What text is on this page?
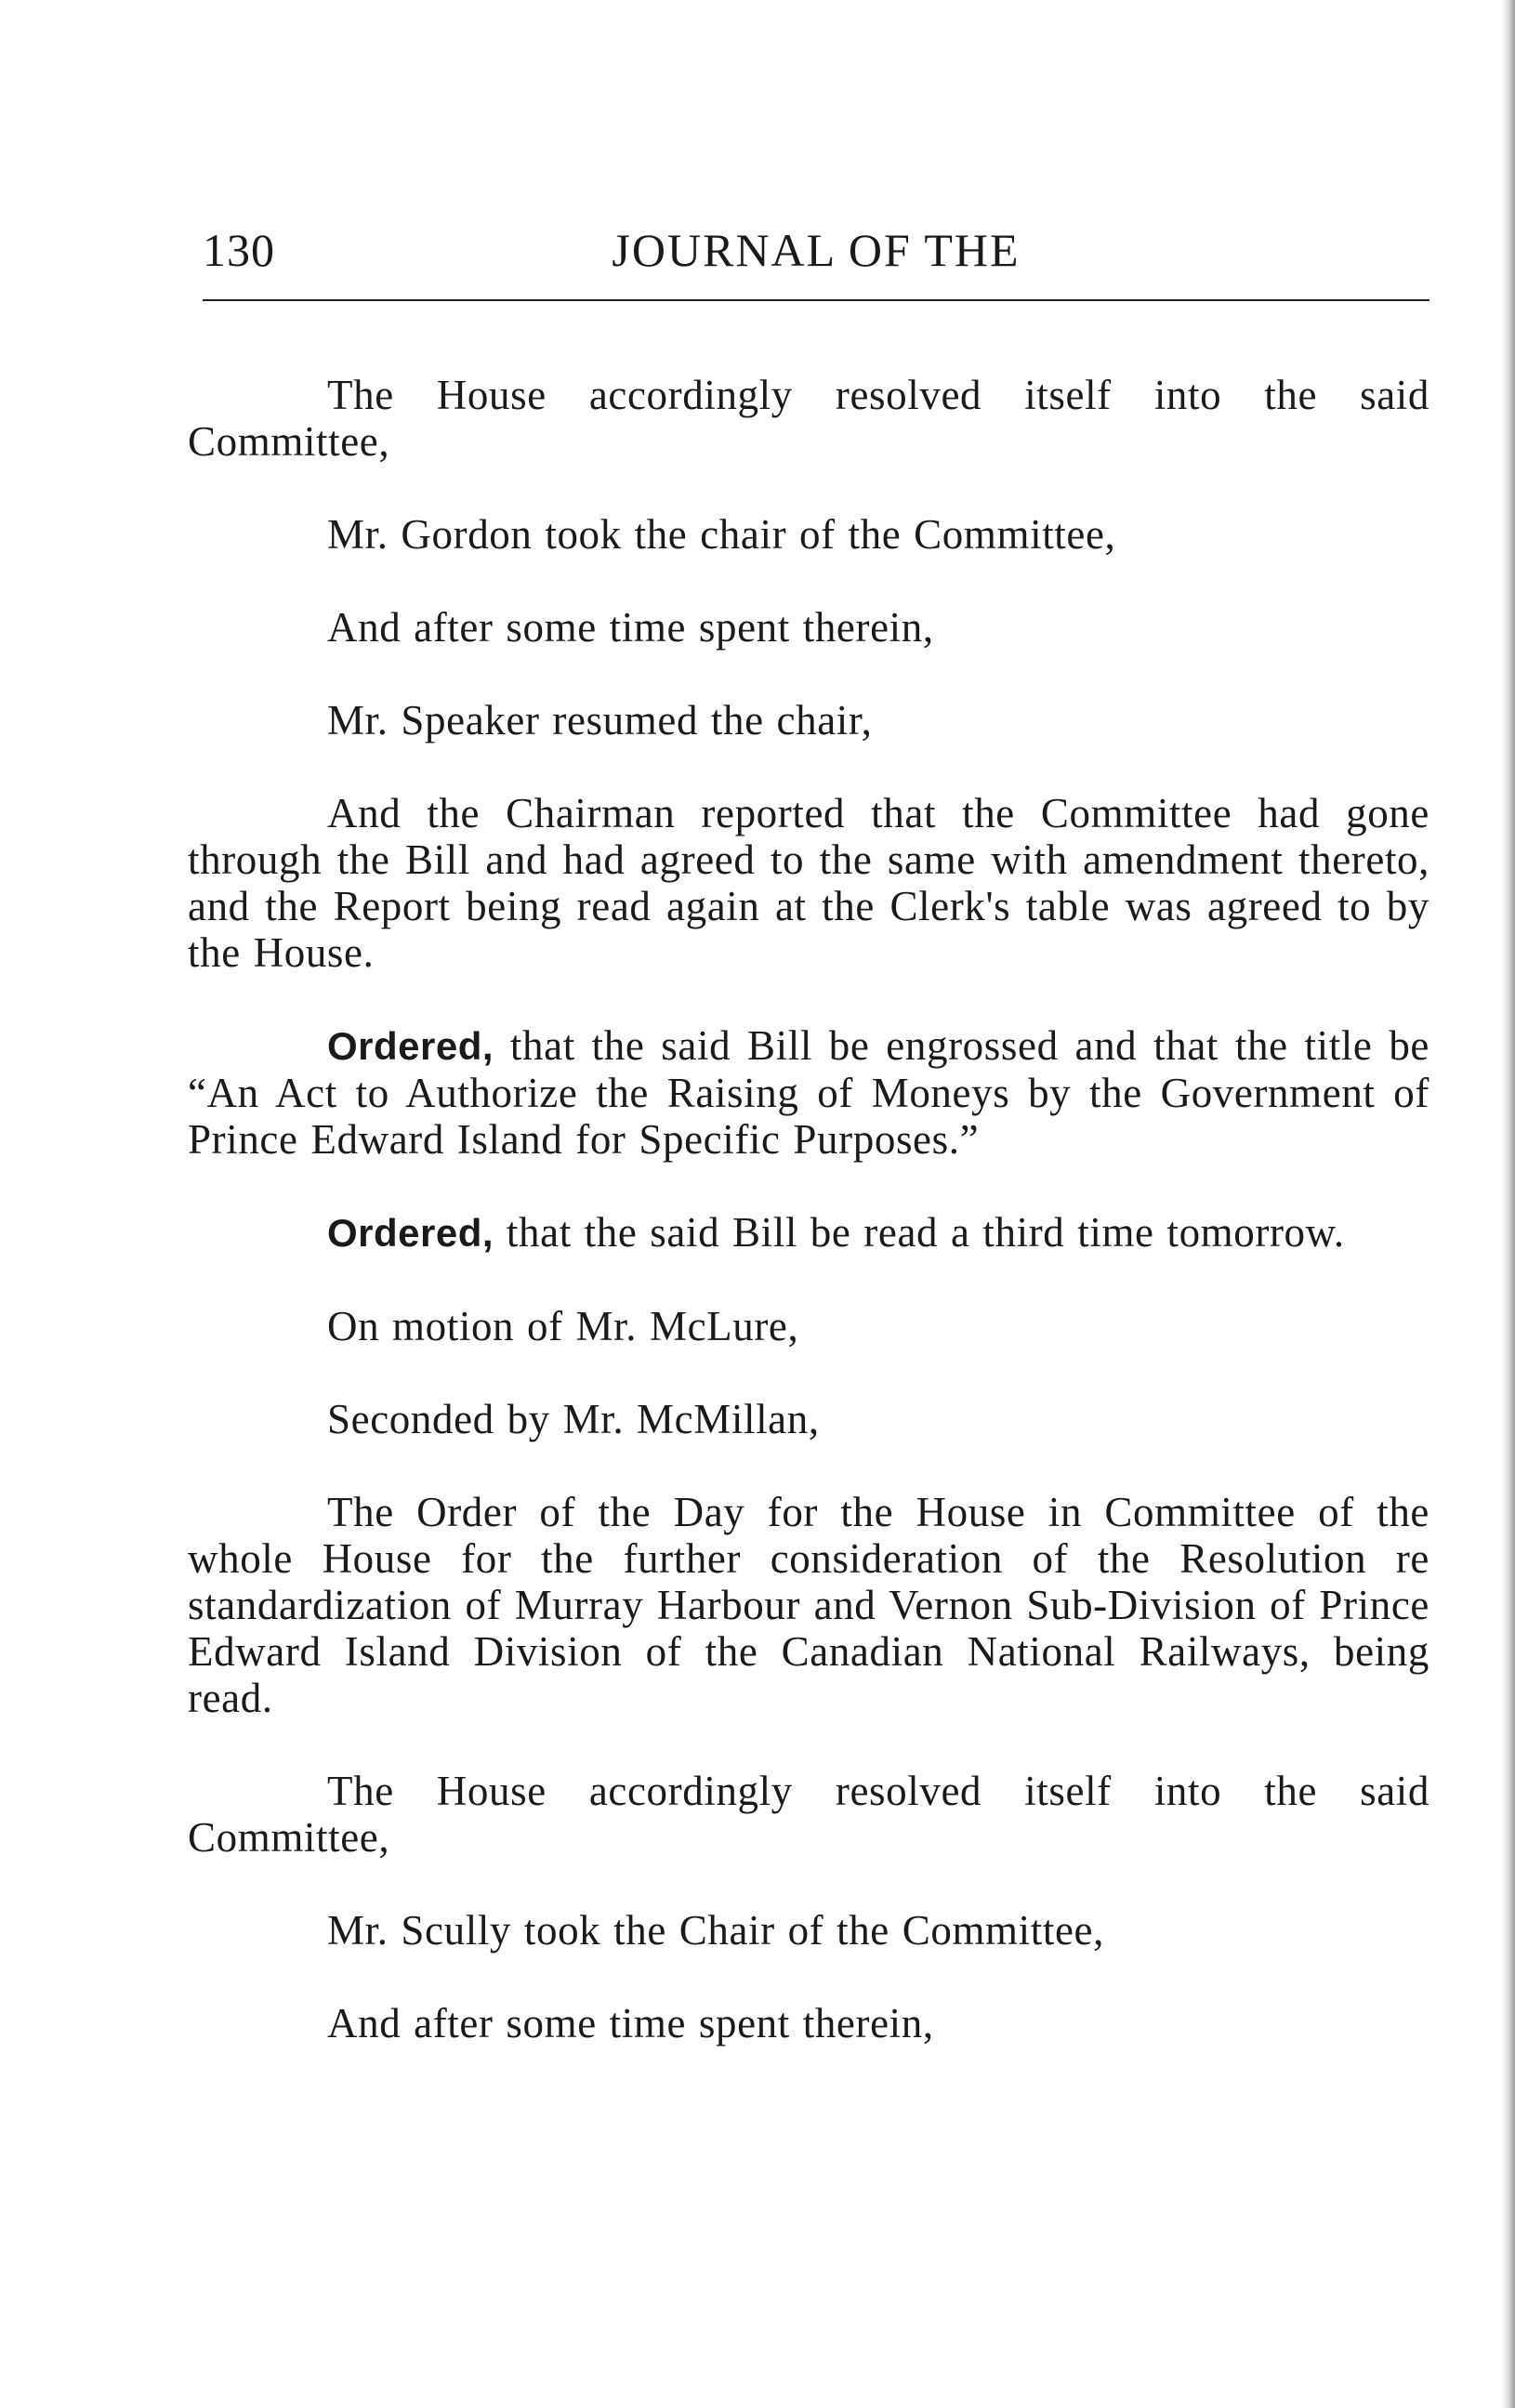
130	JOURNAL OF THE

The House accordingly resolved itself into the said Committee,

Mr. Gordon took the chair of the Committee,

And after some time spent therein,

Mr. Speaker resumed the chair,

And the Chairman reported that the Committee had gone through the Bill and had agreed to the same with amendment thereto, and the Report being read again at the Clerk's table was agreed to by the House.

Ordered, that the said Bill be engrossed and that the title be “An Act to Authorize the Raising of Moneys by the Government of Prince Edward Island for Specific Purposes.”

Ordered, that the said Bill be read a third time tomorrow.

On motion of Mr. McLure,

Seconded by Mr. McMillan,

The Order of the Day for the House in Committee of the whole House for the further consideration of the Resolution re standardization of Murray Harbour and Vernon Sub-Division of Prince Edward Island Division of the Canadian National Railways, being read.

The House accordingly resolved itself into the said Committee,

Mr. Scully took the Chair of the Committee,

And after some time spent therein,
